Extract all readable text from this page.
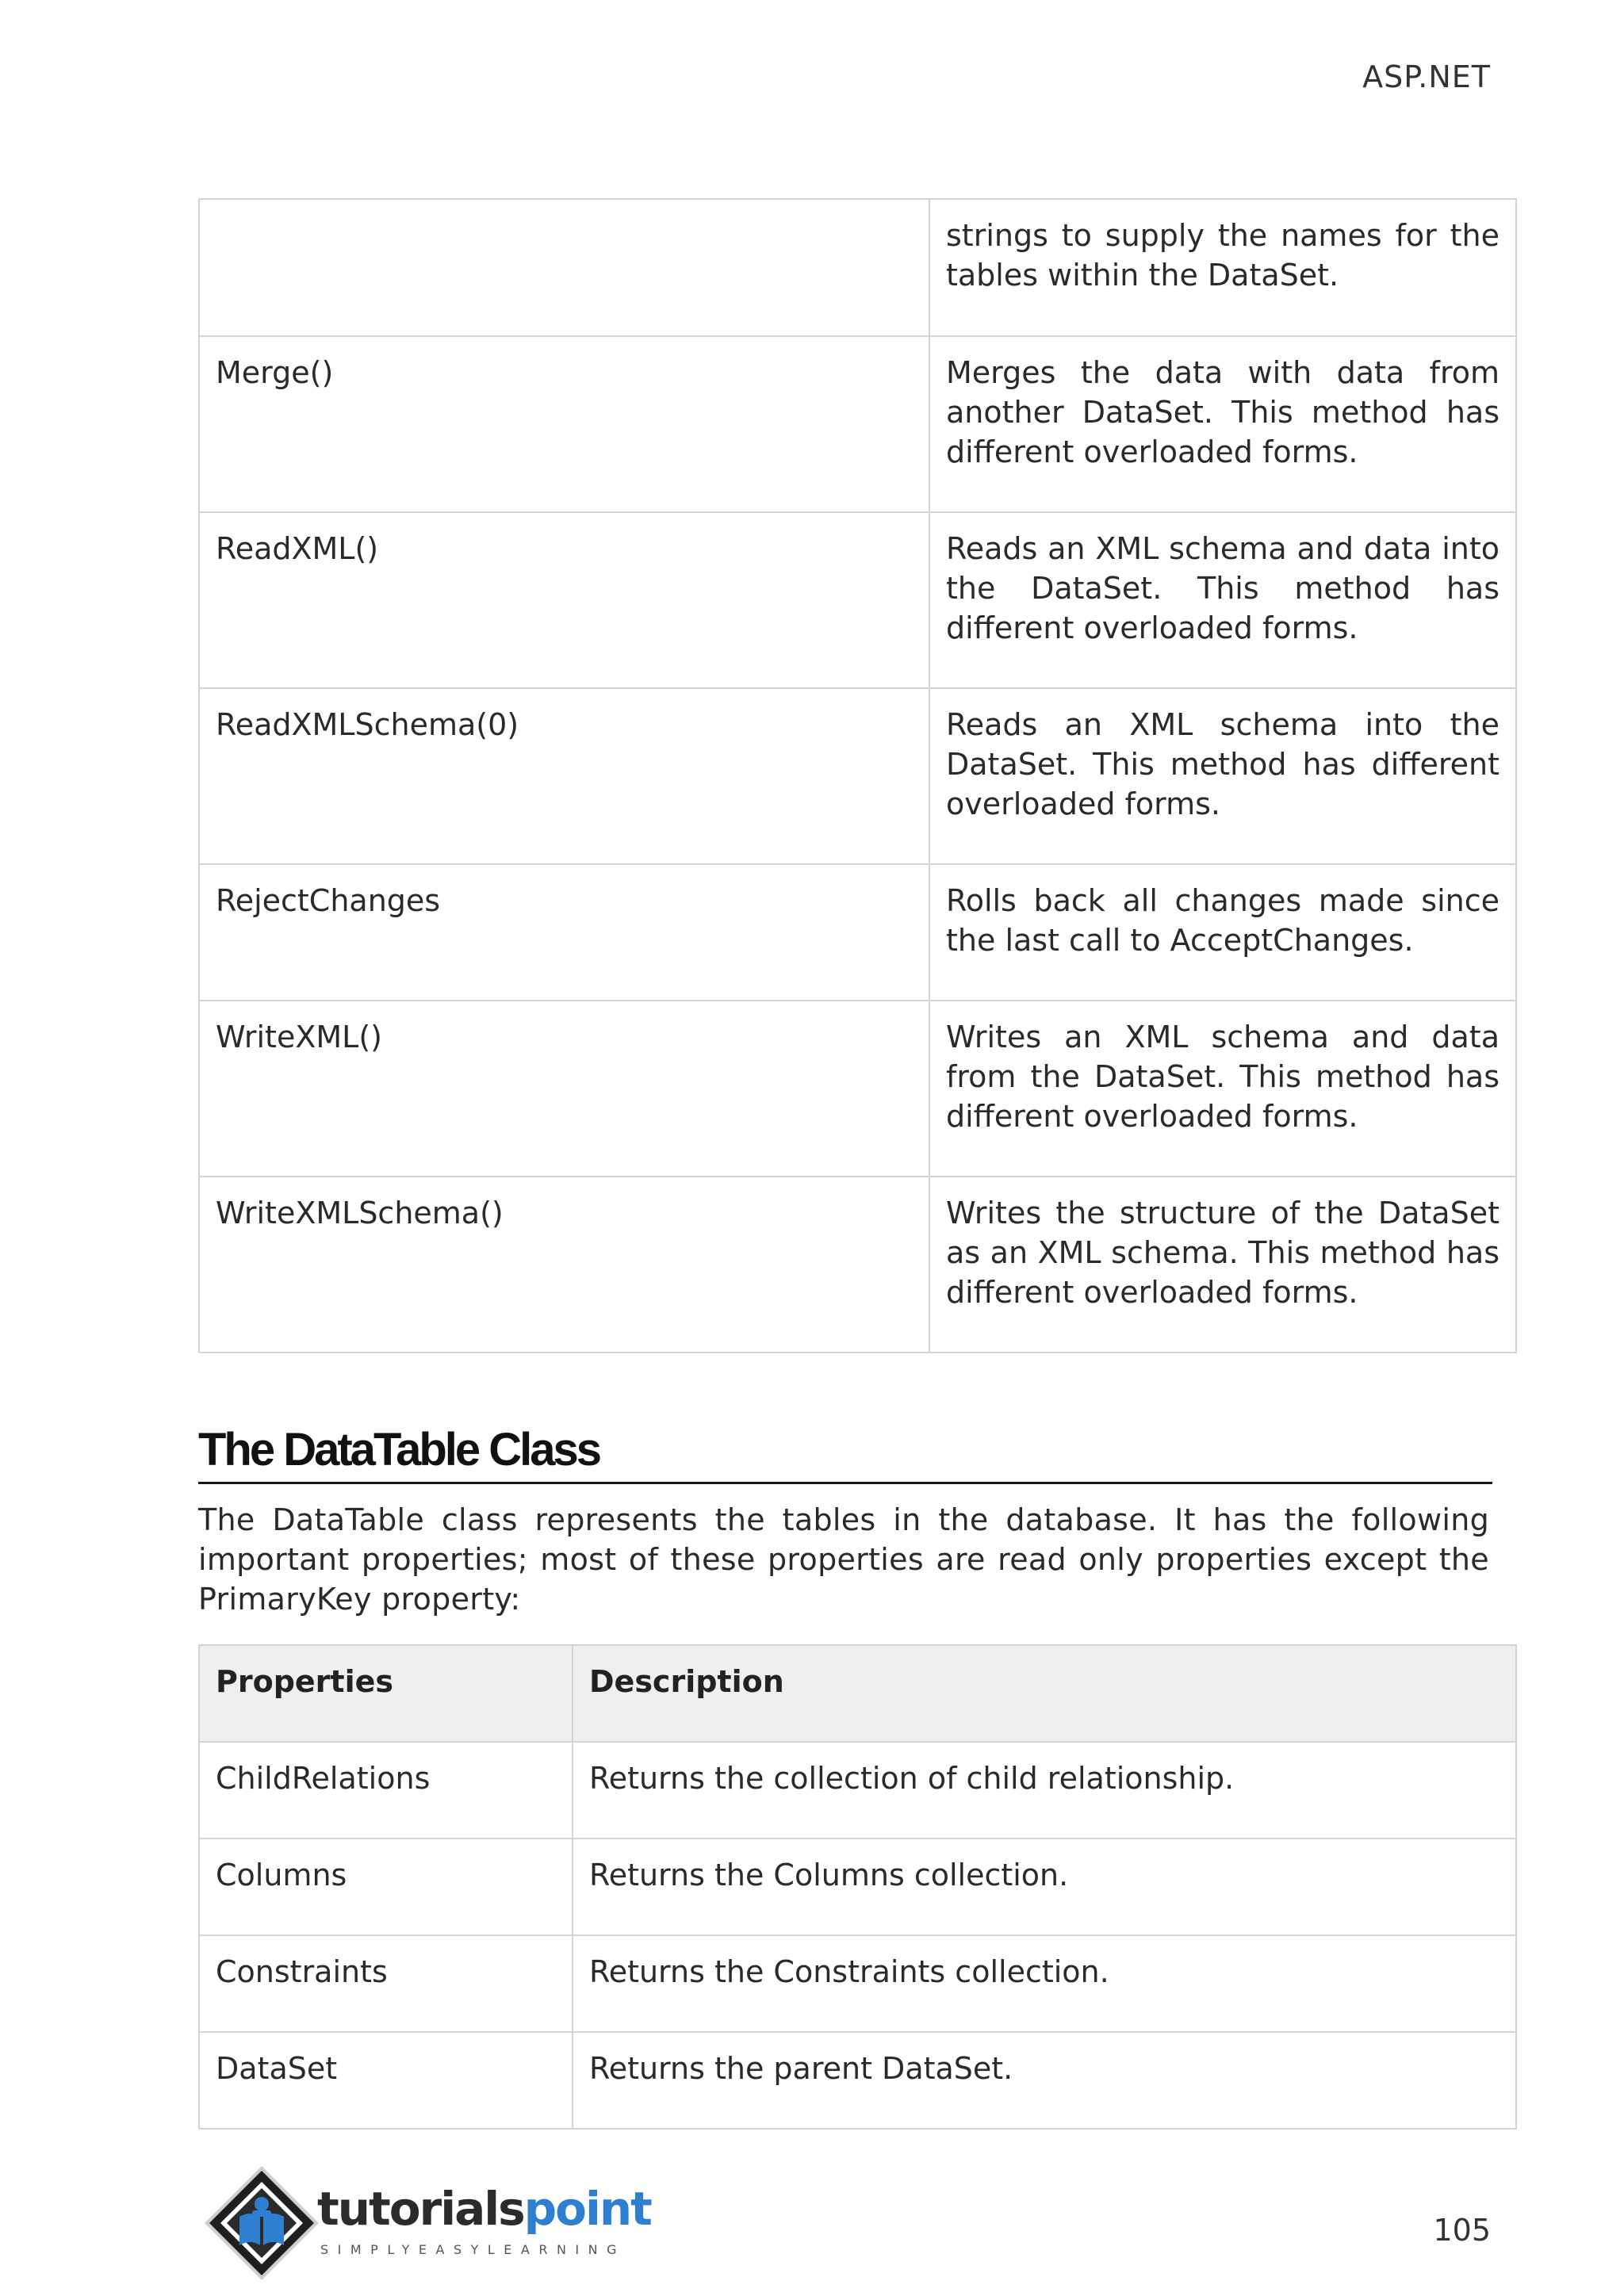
ASP.NET
	strings to supply the names for the tables within the DataSet.
Merge()	Merges the data with data from another DataSet. This method has different overloaded forms.
ReadXML()	Reads an XML schema and data into the DataSet. This method has different overloaded forms.
ReadXMLSchema(0)	Reads an XML schema into the DataSet. This method has different overloaded forms.
RejectChanges	Rolls back all changes made since the last call to AcceptChanges.
WriteXML()	Writes an XML schema and data from the DataSet. This method has different overloaded forms.
WriteXMLSchema()	Writes the structure of the DataSet as an XML schema. This method has different overloaded forms.
The DataTable Class
The DataTable class represents the tables in the database. It has the following important properties; most of these properties are read only properties except the PrimaryKey property:
Properties	Description
ChildRelations	Returns the collection of child relationship.
Columns	Returns the Columns collection.
Constraints	Returns the Constraints collection.
DataSet	Returns the parent DataSet.
tutorialspoint
SIMPLYEASYLEARNING
105
